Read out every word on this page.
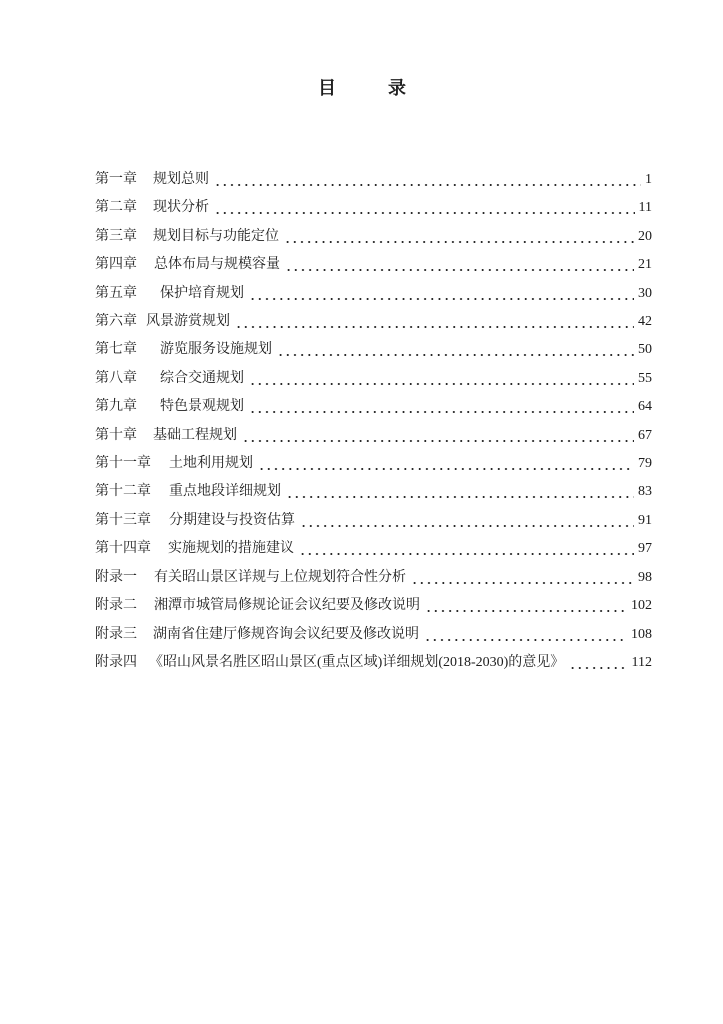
目录
第一章 规划总则	1
第二章 现状分析	11
第三章 规划目标与功能定位	20
第四章 总体布局与规模容量	21
第五章 保护培育规划	30
第六章 风景游赏规划	42
第七章 游览服务设施规划	50
第八章 综合交通规划	55
第九章 特色景观规划	64
第十章 基础工程规划	67
第十一章 土地利用规划	79
第十二章 重点地段详细规划	83
第十三章 分期建设与投资估算	91
第十四章 实施规划的措施建议	97
附录一 有关昭山景区详规与上位规划符合性分析	98
附录二 湘潭市城管局修规论证会议纪要及修改说明	102
附录三 湖南省住建厅修规咨询会议纪要及修改说明	108
附录四 《昭山风景名胜区昭山景区(重点区域)详细规划(2018-2030)的意见》	112
